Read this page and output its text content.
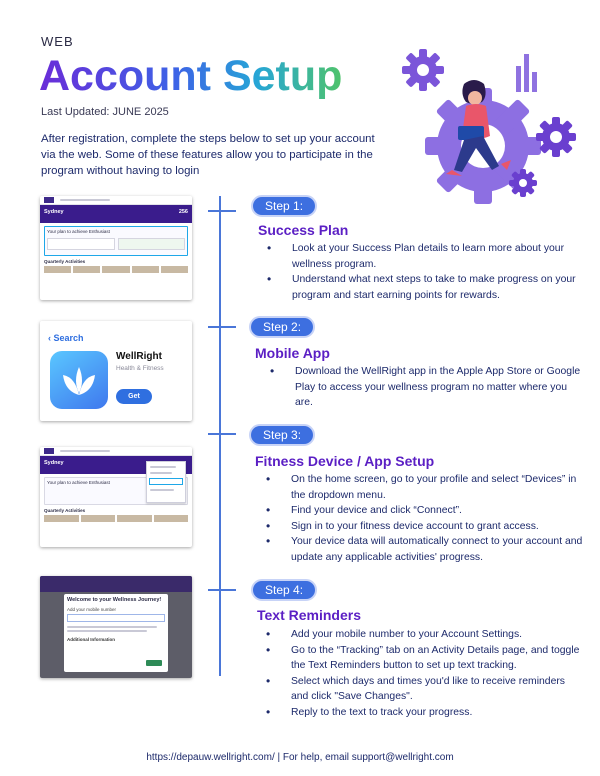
WEB
Account Setup
Last Updated: JUNE 2025
After registration, complete the steps below to set up your account via the web. Some of these features allow you to participate in the program without having to login
Sydney	256
Your plan to achieve Enthusiast
Quarterly Activities
‹ Search
WellRight
Health & Fitness
Get
Sydney
Your plan to achieve Enthusiast
Quarterly Activities
Welcome to your Wellness Journey!
Add your mobile number
Additional Information
Step 1:
Success Plan
• Look at your Success Plan details to learn more about your wellness program.
• Understand what next steps to take to make progress on your program and start earning points for rewards.
Step 2:
Mobile App
• Download the WellRight app in the Apple App Store or Google Play to access your wellness program no matter where you are.
Step 3:
Fitness Device / App Setup
• On the home screen, go to your profile and select “Devices” in the dropdown menu.
• Find your device and click “Connect”.
• Sign in to your fitness device account to grant access.
• Your device data will automatically connect to your account and update any applicable activities' progress.
Step 4:
Text Reminders
• Add your mobile number to your Account Settings.
• Go to the “Tracking” tab on an Activity Details page, and toggle the Text Reminders button to set up text tracking.
• Select which days and times you'd like to receive reminders and click "Save Changes".
• Reply to the text to track your progress.
https://depauw.wellright.com/ | For help, email support@wellright.com
